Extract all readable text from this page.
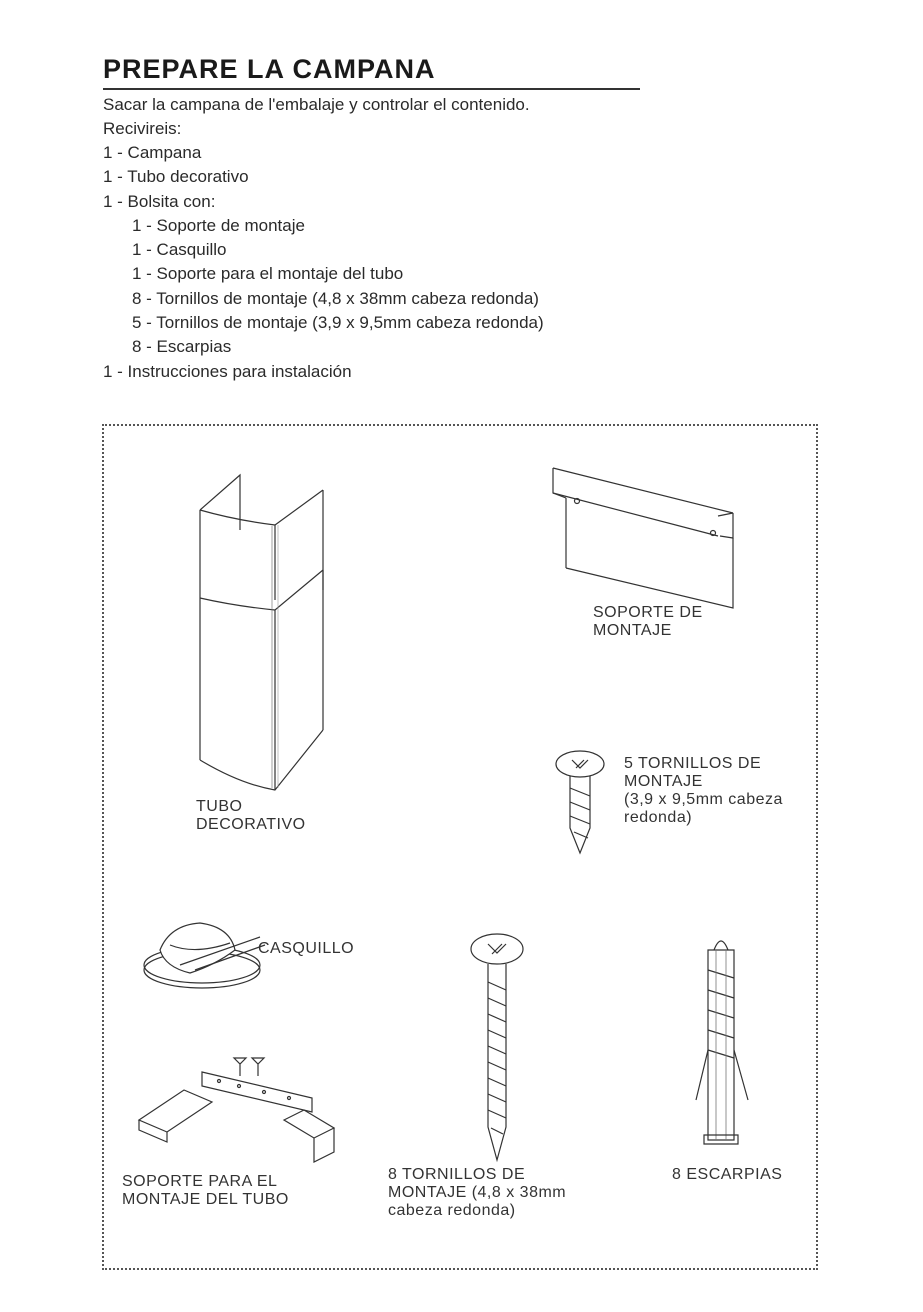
PREPARE LA CAMPANA

Sacar la campana de l'embalaje y controlar el contenido.

Recivireis:

1 - Campana
1 - Tubo decorativo
1 - Bolsita con:
1 - Soporte de montaje
1 - Casquillo
1 - Soporte para el montaje del tubo
8 - Tornillos de montaje (4,8 x 38mm cabeza redonda)
5 - Tornillos de montaje (3,9 x 9,5mm cabeza redonda)
8 - Escarpias
1 - Instrucciones para instalación
TUBO
DECORATIVO
SOPORTE DE
MONTAJE
5 TORNILLOS DE
MONTAJE
(3,9 x 9,5mm cabeza
redonda)
CASQUILLO
SOPORTE PARA EL
MONTAJE DEL TUBO
8 TORNILLOS DE
MONTAJE (4,8 x 38mm
cabeza redonda)
8 ESCARPIAS
